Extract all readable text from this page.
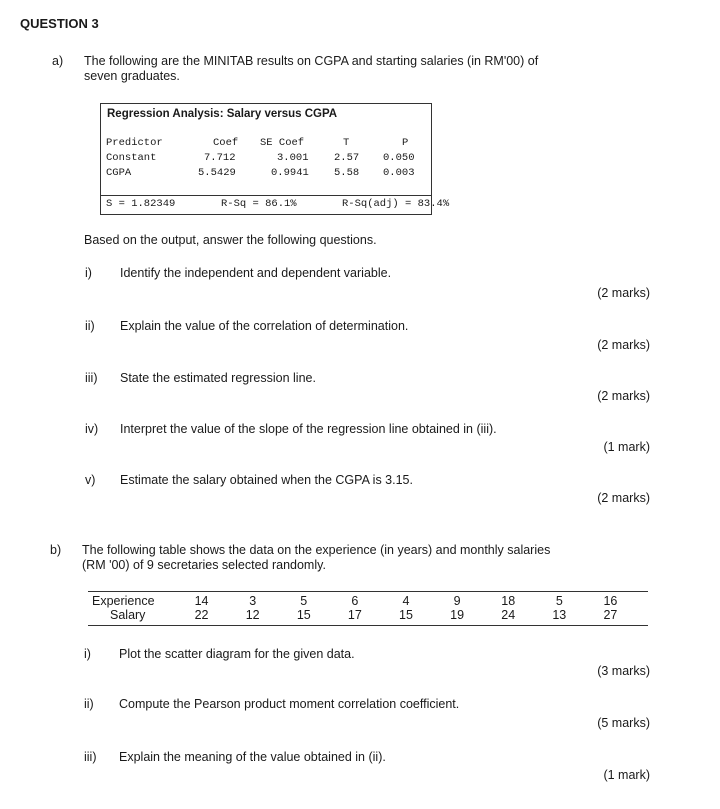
QUESTION 3
a) The following are the MINITAB results on CGPA and starting salaries (in RM'00) of
seven graduates.
Regression Analysis: Salary versus CGPA
Predictor	Coef SE Coef	T	P
Constant	7.712	3.001 2.57 0.050
CGPA	5.5429	0.9941 5.58 0.003
S = 1.82349	R-Sq = 86.1%	R-Sq(adj) = 83.4%
Based on the output, answer the following questions.
i) Identify the independent and dependent variable.
(2 marks)
ii) Explain the value of the correlation of determination.
(2 marks)
iii) State the estimated regression line.
(2 marks)
iv) Interpret the value of the slope of the regression line obtained in (iii).
(1 mark)
v) Estimate the salary obtained when the CGPA is 3.15.
(2 marks)
b) The following table shows the data on the experience (in years) and monthly salaries
(RM '00) of 9 secretaries selected randomly.
Experience	14	3	5	6	4	9	18	5	16
Salary	22	12	15	17	15	19	24	13	27
i) Plot the scatter diagram for the given data.
(3 marks)
ii) Compute the Pearson product moment correlation coefficient.
(5 marks)
iii) Explain the meaning of the value obtained in (ii).
(1 mark)
